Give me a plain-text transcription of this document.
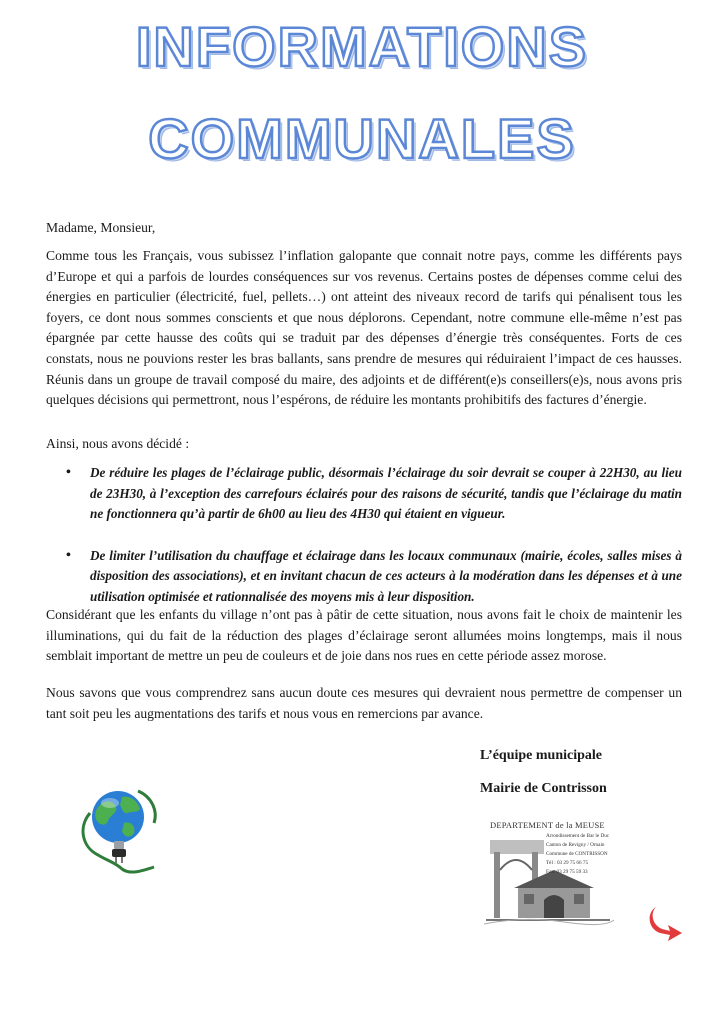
INFORMATIONS
COMMUNALES
Madame, Monsieur,
Comme tous les Français, vous subissez l’inflation galopante que connait notre pays, comme les différents pays d’Europe et qui a parfois de lourdes conséquences sur vos revenus. Certains postes de dépenses comme celui des énergies en particulier (électricité, fuel, pellets…) ont atteint des niveaux record de tarifs qui pénalisent tous les foyers, ce dont nous sommes conscients et que nous déplorons. Cependant, notre commune elle-même n’est pas épargnée par cette hausse des coûts qui se traduit par des dépenses d’énergie très conséquentes. Forts de ces constats, nous ne pouvions rester les bras ballants, sans prendre de mesures qui réduiraient l’impact de ces hausses. Réunis dans un groupe de travail composé du maire, des adjoints et de différent(e)s conseillers(e)s, nous avons pris quelques décisions qui permettront, nous l’espérons, de réduire les montants prohibitifs des factures d’énergie.
Ainsi, nous avons décidé :
• De réduire les plages de l’éclairage public, désormais l’éclairage du soir devrait se couper à 22H30, au lieu de 23H30, à l’exception des carrefours éclairés pour des raisons de sécurité, tandis que l’éclairage du matin ne fonctionnera qu’à partir de 6h00 au lieu des 4H30 qui étaient en vigueur.
• De limiter l’utilisation du chauffage et éclairage dans les locaux communaux (mairie, écoles, salles mises à disposition des associations), et en invitant chacun de ces acteurs à la modération dans les dépenses et à une utilisation optimisée et rationnalisée des moyens mis à leur disposition.
Considérant que les enfants du village n’ont pas à pâtir de cette situation, nous avons fait le choix de maintenir les illuminations, qui du fait de la réduction des plages d’éclairage seront allumées moins longtemps, mais il nous semblait important de mettre un peu de couleurs et de joie dans nos rues en cette période assez morose.
Nous savons que vous comprendrez sans aucun doute ces mesures qui devraient nous permettre de compenser un tant soit peu les augmentations des tarifs et nous vous en remercions par avance.
L’équipe municipale
Mairie de Contrisson
DEPARTEMENT de la MEUSE
Arrondissement de Bar le Duc
Canton de Revigny / Ornain
Commune de CONTRISSON
Tél : 03 29 75 66 75
Fax: 03 29 75 59 33
